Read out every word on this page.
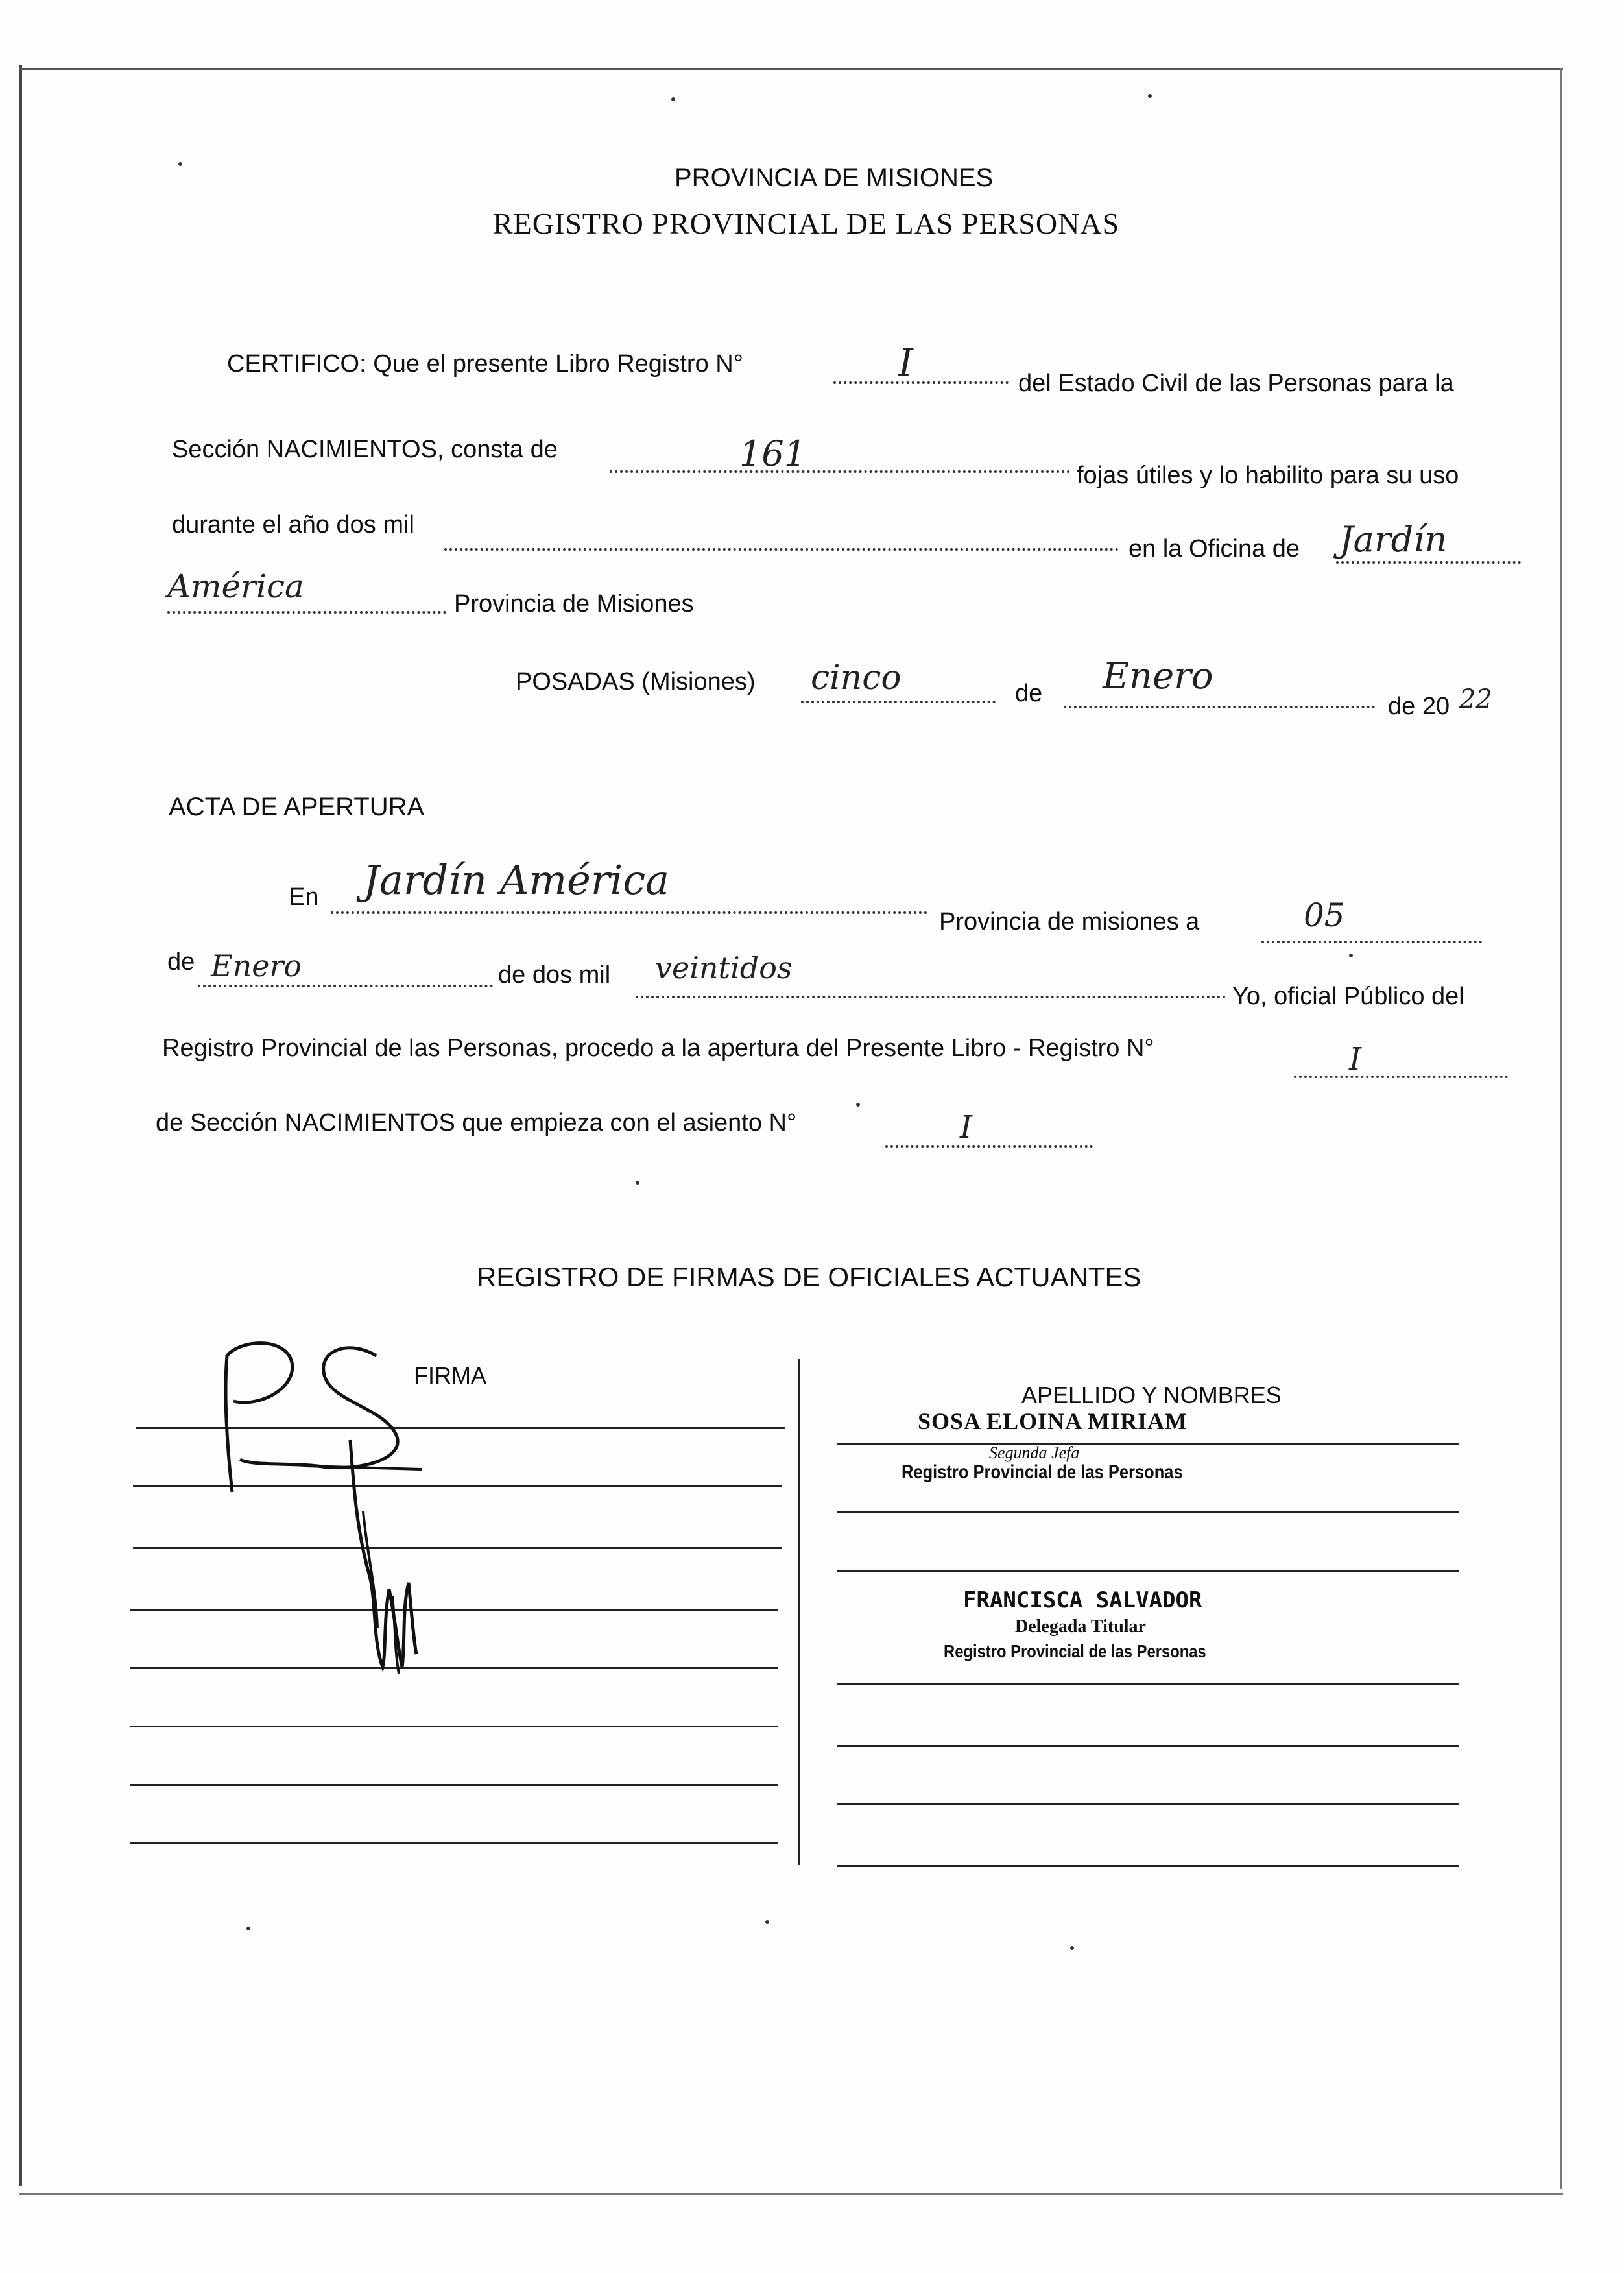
PROVINCIA DE MISIONES
REGISTRO PROVINCIAL DE LAS PERSONAS
CERTIFICO: Que el presente Libro Registro N°	I	del Estado Civil de las Personas para la
Sección NACIMIENTOS, consta de	161
fojas útiles y lo habilito para su uso
durante el año dos mil
en la Oficina de Jardín
América	Provincia de Misiones
POSADAS (Misiones) cinco	de Enero
de 20 22
ACTA DE APERTURA
En Jardín América
Provincia de misiones a	05
de Enero	de dos mil veintidos
Yo, oficial Público del
Registro Provincial de las Personas, procedo a la apertura del Presente Libro - Registro N°	I
de Sección NACIMIENTOS que empieza con el asiento N°	I
REGISTRO DE FIRMAS DE OFICIALES ACTUANTES
FIRMA
APELLIDO Y NOMBRES
SOSA ELOINA MIRIAM
Segunda Jefa
Registro Provincial de las Personas
FRANCISCA SALVADOR
Delegada Titular
Registro Provincial de las Personas
